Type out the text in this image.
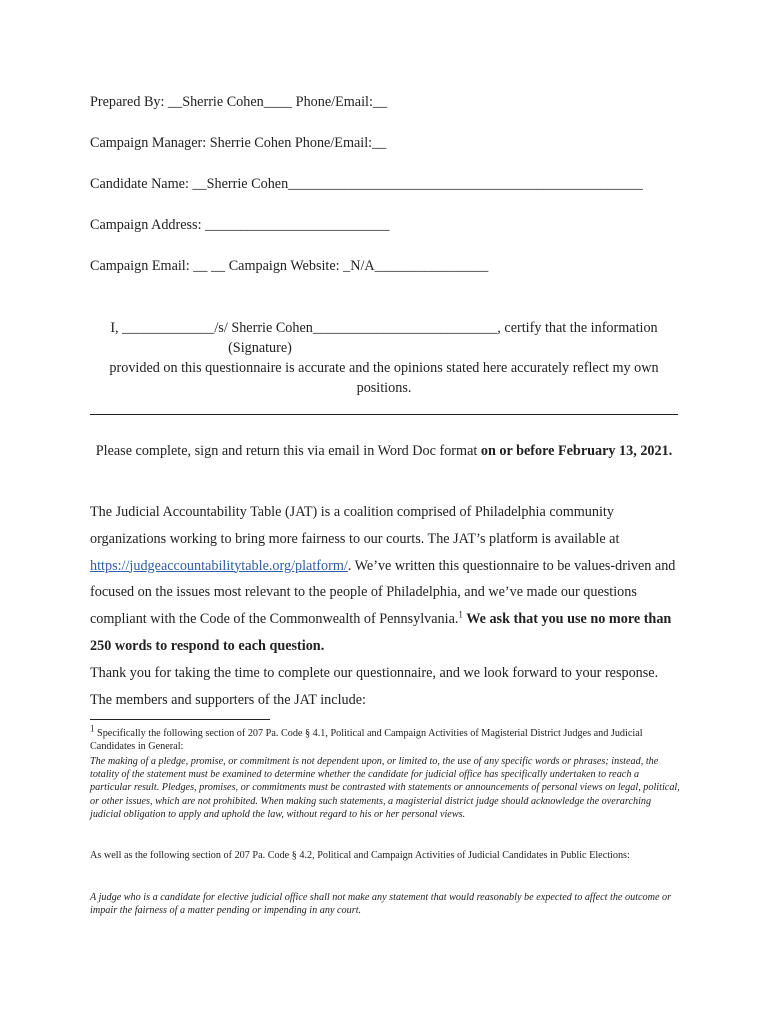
Prepared By: __Sherrie Cohen____ Phone/Email:__
Campaign Manager: Sherrie Cohen Phone/Email:__
Candidate Name: __Sherrie Cohen__________________________________________________
Campaign Address: __________________________
Campaign Email: __ __ Campaign Website: _N/A________________
I, _____________/s/ Sherrie Cohen__________________________, certify that the information
(Signature)
provided on this questionnaire is accurate and the opinions stated here accurately reflect my own
positions.
Please complete, sign and return this via email in Word Doc format on or before February 13, 2021.
The Judicial Accountability Table (JAT) is a coalition comprised of Philadelphia community organizations working to bring more fairness to our courts. The JAT’s platform is available at https://judgeaccountabilitytable.org/platform/. We’ve written this questionnaire to be values-driven and focused on the issues most relevant to the people of Philadelphia, and we’ve made our questions compliant with the Code of the Commonwealth of Pennsylvania.$^1$ We ask that you use no more than 250 words to respond to each question.
Thank you for taking the time to complete our questionnaire, and we look forward to your response. The members and supporters of the JAT include:
$^1$ Specifically the following section of 207 Pa. Code § 4.1, Political and Campaign Activities of Magisterial District Judges and Judicial Candidates in General:
The making of a pledge, promise, or commitment is not dependent upon, or limited to, the use of any specific words or phrases; instead, the totality of the statement must be examined to determine whether the candidate for judicial office has specifically undertaken to reach a particular result. Pledges, promises, or commitments must be contrasted with statements or announcements of personal views on legal, political, or other issues, which are not prohibited. When making such statements, a magisterial district judge should acknowledge the overarching judicial obligation to apply and uphold the law, without regard to his or her personal views.
As well as the following section of 207 Pa. Code § 4.2, Political and Campaign Activities of Judicial Candidates in Public Elections:
A judge who is a candidate for elective judicial office shall not make any statement that would reasonably be expected to affect the outcome or impair the fairness of a matter pending or impending in any court.
